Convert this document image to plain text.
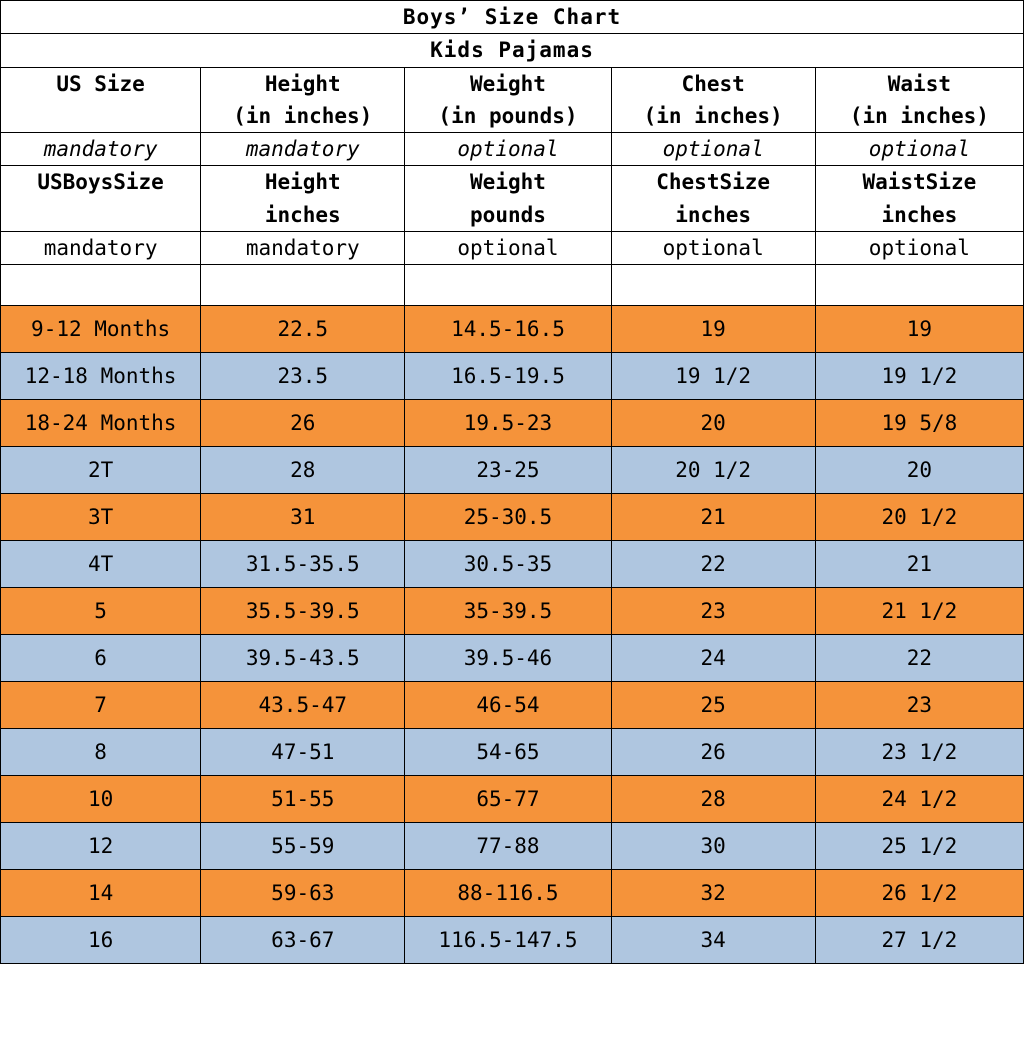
Boys’ Size Chart				
Kids Pajamas				
US Size	Height	Weight	Chest	Waist
	(in inches)	(in pounds)	(in inches)	(in inches)
mandatory	mandatory	optional	optional	optional
USBoysSize	Height	Weight	ChestSize	WaistSize
	inches	pounds	inches	inches
mandatory	mandatory	optional	optional	optional

9-12 Months	22.5	14.5-16.5	19	19
12-18 Months	23.5	16.5-19.5	19 1/2	19 1/2
18-24 Months	26	19.5-23	20	19 5/8
2T	28	23-25	20 1/2	20
3T	31	25-30.5	21	20 1/2
4T	31.5-35.5	30.5-35	22	21
5	35.5-39.5	35-39.5	23	21 1/2
6	39.5-43.5	39.5-46	24	22
7	43.5-47	46-54	25	23
8	47-51	54-65	26	23 1/2
10	51-55	65-77	28	24 1/2
12	55-59	77-88	30	25 1/2
14	59-63	88-116.5	32	26 1/2
16	63-67	116.5-147.5	34	27 1/2
